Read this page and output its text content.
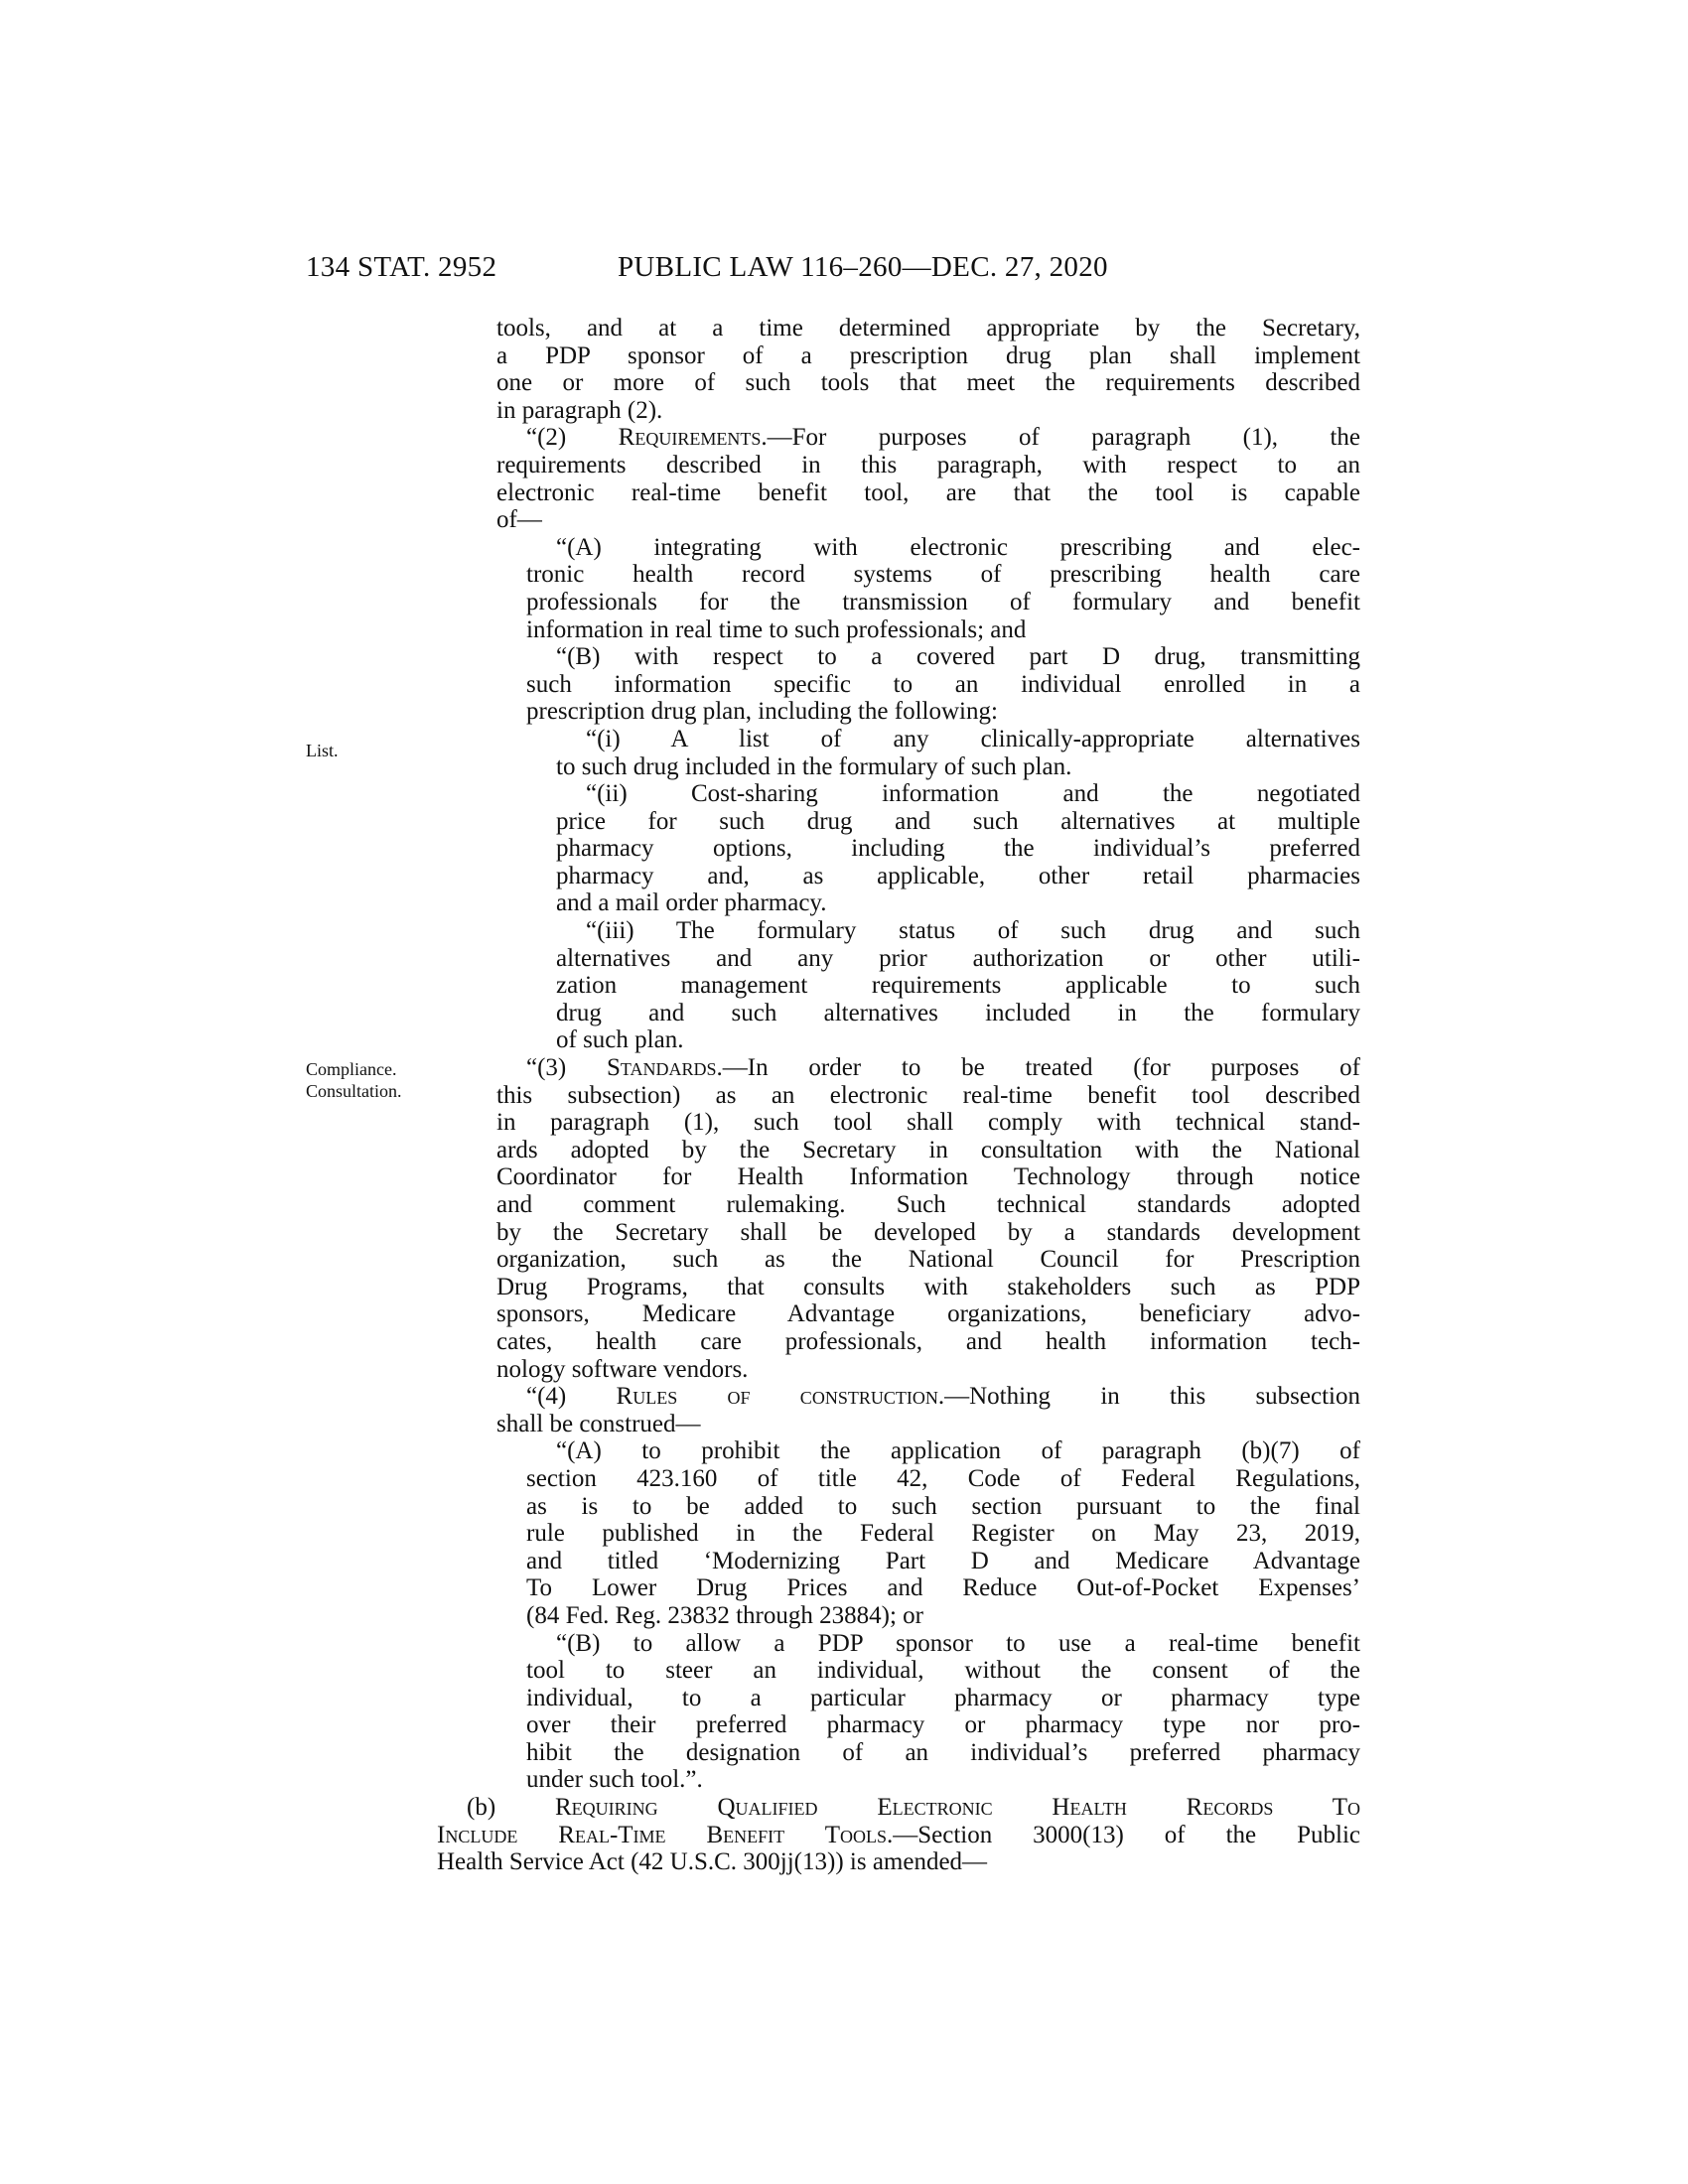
134 STAT. 2952	PUBLIC LAW 116–260—DEC. 27, 2020
List.
Compliance.
Consultation.
tools, and at a time determined appropriate by the Secretary,
a PDP sponsor of a prescription drug plan shall implement
one or more of such tools that meet the requirements described
in paragraph (2).
“(2) Requirements.—For purposes of paragraph (1), the
requirements described in this paragraph, with respect to an
electronic real-time benefit tool, are that the tool is capable
of—
“(A) integrating with electronic prescribing and elec-
tronic health record systems of prescribing health care
professionals for the transmission of formulary and benefit
information in real time to such professionals; and
“(B) with respect to a covered part D drug, transmitting
such information specific to an individual enrolled in a
prescription drug plan, including the following:
“(i) A list of any clinically-appropriate alternatives
to such drug included in the formulary of such plan.
“(ii) Cost-sharing information and the negotiated
price for such drug and such alternatives at multiple
pharmacy options, including the individual’s preferred
pharmacy and, as applicable, other retail pharmacies
and a mail order pharmacy.
“(iii) The formulary status of such drug and such
alternatives and any prior authorization or other utili-
zation management requirements applicable to such
drug and such alternatives included in the formulary
of such plan.
“(3) Standards.—In order to be treated (for purposes of
this subsection) as an electronic real-time benefit tool described
in paragraph (1), such tool shall comply with technical stand-
ards adopted by the Secretary in consultation with the National
Coordinator for Health Information Technology through notice
and comment rulemaking. Such technical standards adopted
by the Secretary shall be developed by a standards development
organization, such as the National Council for Prescription
Drug Programs, that consults with stakeholders such as PDP
sponsors, Medicare Advantage organizations, beneficiary advo-
cates, health care professionals, and health information tech-
nology software vendors.
“(4) Rules of construction.—Nothing in this subsection
shall be construed—
“(A) to prohibit the application of paragraph (b)(7) of
section 423.160 of title 42, Code of Federal Regulations,
as is to be added to such section pursuant to the final
rule published in the Federal Register on May 23, 2019,
and titled ‘Modernizing Part D and Medicare Advantage
To Lower Drug Prices and Reduce Out-of-Pocket Expenses’
(84 Fed. Reg. 23832 through 23884); or
“(B) to allow a PDP sponsor to use a real-time benefit
tool to steer an individual, without the consent of the
individual, to a particular pharmacy or pharmacy type
over their preferred pharmacy or pharmacy type nor pro-
hibit the designation of an individual’s preferred pharmacy
under such tool.”.
(b) Requiring Qualified Electronic Health Records To
Include Real-Time Benefit Tools.—Section 3000(13) of the Public
Health Service Act (42 U.S.C. 300jj(13)) is amended—
